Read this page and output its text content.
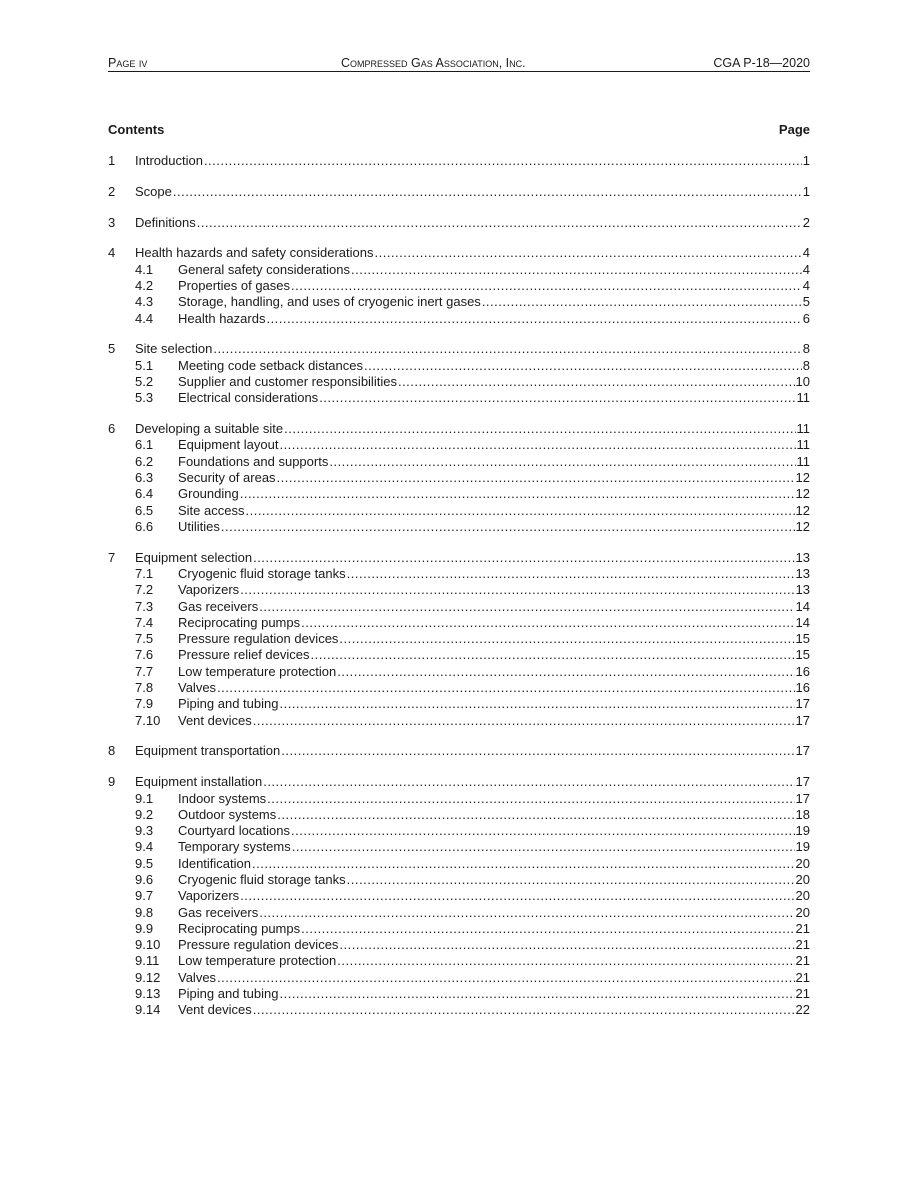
Page iv	Compressed Gas Association, Inc.	CGA P-18—2020
Contents	Page
1 Introduction .....	1
2 Scope .....	1
3 Definitions .....	2
4 Health hazards and safety considerations .....	4
4.1 General safety considerations .....	4
4.2 Properties of gases .....	4
4.3 Storage, handling, and uses of cryogenic inert gases .....	5
4.4 Health hazards .....	6
5 Site selection .....	8
5.1 Meeting code setback distances .....	8
5.2 Supplier and customer responsibilities .....	10
5.3 Electrical considerations .....	11
6 Developing a suitable site .....	11
6.1 Equipment layout .....	11
6.2 Foundations and supports .....	11
6.3 Security of areas .....	12
6.4 Grounding .....	12
6.5 Site access .....	12
6.6 Utilities .....	12
7 Equipment selection .....	13
7.1 Cryogenic fluid storage tanks .....	13
7.2 Vaporizers .....	13
7.3 Gas receivers .....	14
7.4 Reciprocating pumps .....	14
7.5 Pressure regulation devices .....	15
7.6 Pressure relief devices .....	15
7.7 Low temperature protection .....	16
7.8 Valves .....	16
7.9 Piping and tubing .....	17
7.10 Vent devices .....	17
8 Equipment transportation .....	17
9 Equipment installation .....	17
9.1 Indoor systems .....	17
9.2 Outdoor systems .....	18
9.3 Courtyard locations .....	19
9.4 Temporary systems .....	19
9.5 Identification .....	20
9.6 Cryogenic fluid storage tanks .....	20
9.7 Vaporizers .....	20
9.8 Gas receivers .....	20
9.9 Reciprocating pumps .....	21
9.10 Pressure regulation devices .....	21
9.11 Low temperature protection .....	21
9.12 Valves .....	21
9.13 Piping and tubing .....	21
9.14 Vent devices .....	22
